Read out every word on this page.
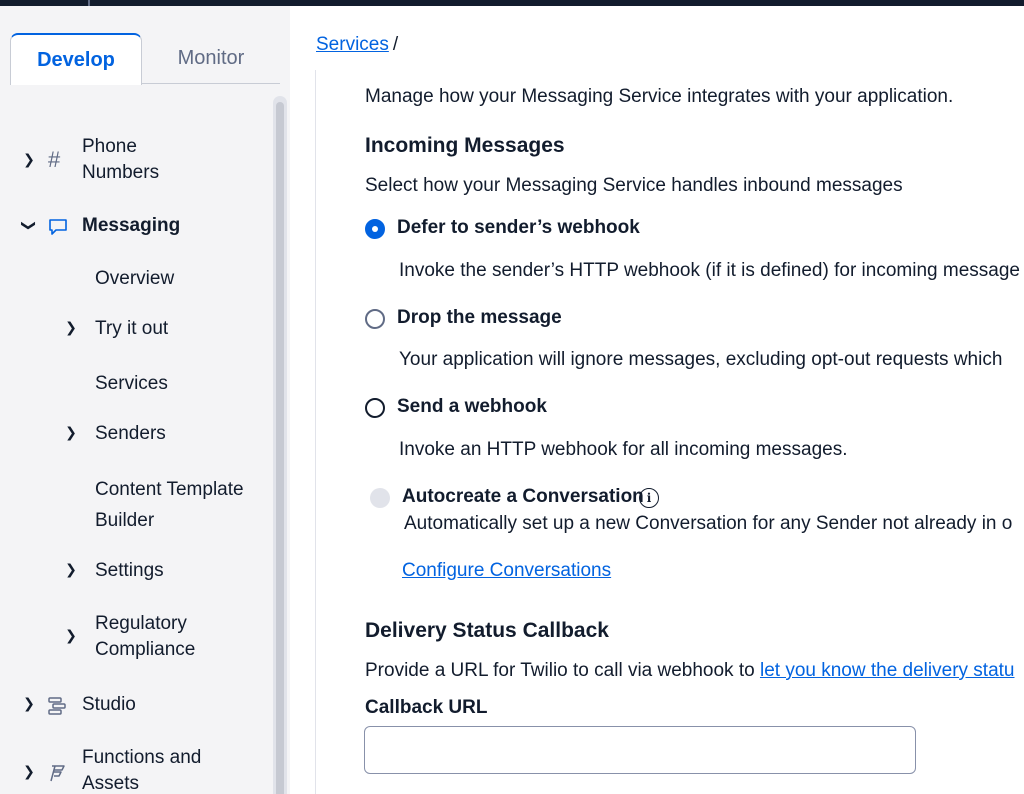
Develop	Monitor
❯ #
Phone
Numbers
❯ Messaging
Overview
❯ Try it out
Services
❯ Senders
Content Template
Builder
❯ Settings
❯
Regulatory
Compliance
❯ Studio
❯
Functions and
Assets
Services /
Manage how your Messaging Service integrates with your application.
Incoming Messages
Select how your Messaging Service handles inbound messages
Defer to sender’s webhook
Invoke the sender’s HTTP webhook (if it is defined) for incoming message
Drop the message
Your application will ignore messages, excluding opt-out requests which
Send a webhook
Invoke an HTTP webhook for all incoming messages.
Autocreate a Conversation i
Automatically set up a new Conversation for any Sender not already in o
Configure Conversations
Delivery Status Callback
Provide a URL for Twilio to call via webhook to let you know the delivery statu
Callback URL
